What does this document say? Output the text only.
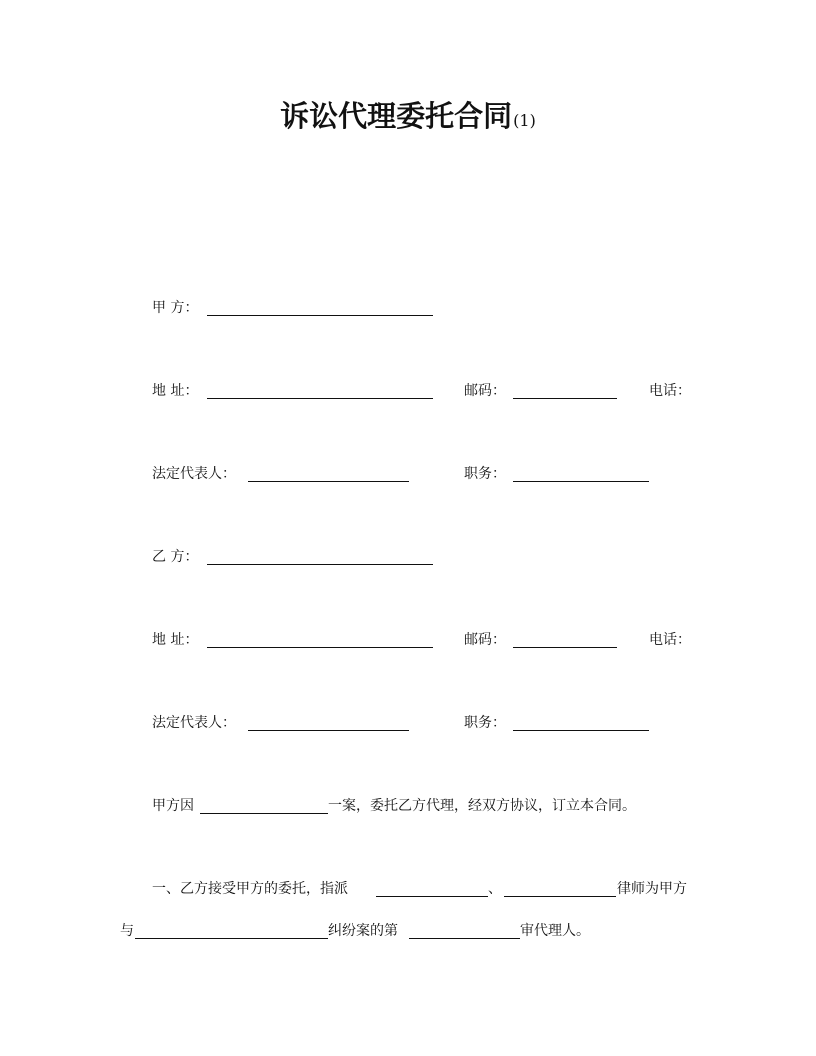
诉讼代理委托合同(1)
甲 方：
地 址：	邮码：	电话：
法定代表人：	职务：
乙 方：
地 址：	邮码：	电话：
法定代表人：	职务：
甲方因	一案，委托乙方代理，经双方协议，订立本合同。
一、乙方接受甲方的委托，指派	、	律师为甲方
与	纠纷案的第	审代理人。
